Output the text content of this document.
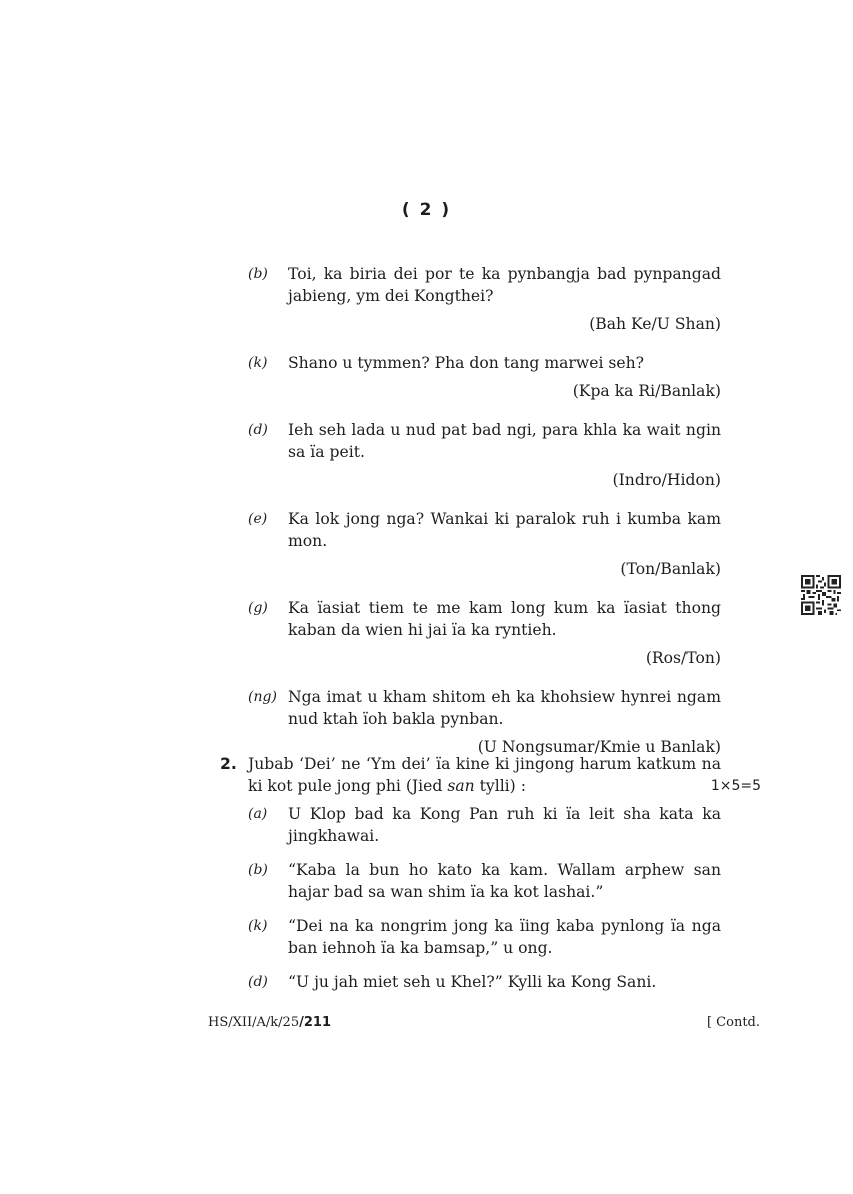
( 2 )
(b) Toi, ka biria dei por te ka pynbangja bad pynpangad jabieng, ym dei Kongthei?
(Bah Ke/U Shan)
(k) Shano u tymmen? Pha don tang marwei seh?
(Kpa ka Ri/Banlak)
(d) Ieh seh lada u nud pat bad ngi, para khla ka wait ngin sa ïa peit.
(Indro/Hidon)
(e) Ka lok jong nga? Wankai ki paralok ruh i kumba kam mon.
(Ton/Banlak)
(g) Ka ïasiat tiem te me kam long kum ka ïasiat thong kaban da wien hi jai ïa ka ryntieh.
(Ros/Ton)
(ng) Nga imat u kham shitom eh ka khohsiew hynrei ngam nud ktah ïoh bakla pynban.
(U Nongsumar/Kmie u Banlak)
2. Jubab ‘Dei’ ne ‘Ym dei’ ïa kine ki jingong harum katkum na ki kot pule jong phi (Jied san tylli) :	1×5=5
(a) U Klop bad ka Kong Pan ruh ki ïa leit sha kata ka jingkhawai.
(b) “Kaba la bun ho kato ka kam. Wallam arphew san hajar bad sa wan shim ïa ka kot lashai.”
(k) “Dei na ka nongrim jong ka ïing kaba pynlong ïa nga ban iehnoh ïa ka bamsap,” u ong.
(d) “U ju jah miet seh u Khel?” Kylli ka Kong Sani.
HS/XII/A/k/25/211	[ Contd.
